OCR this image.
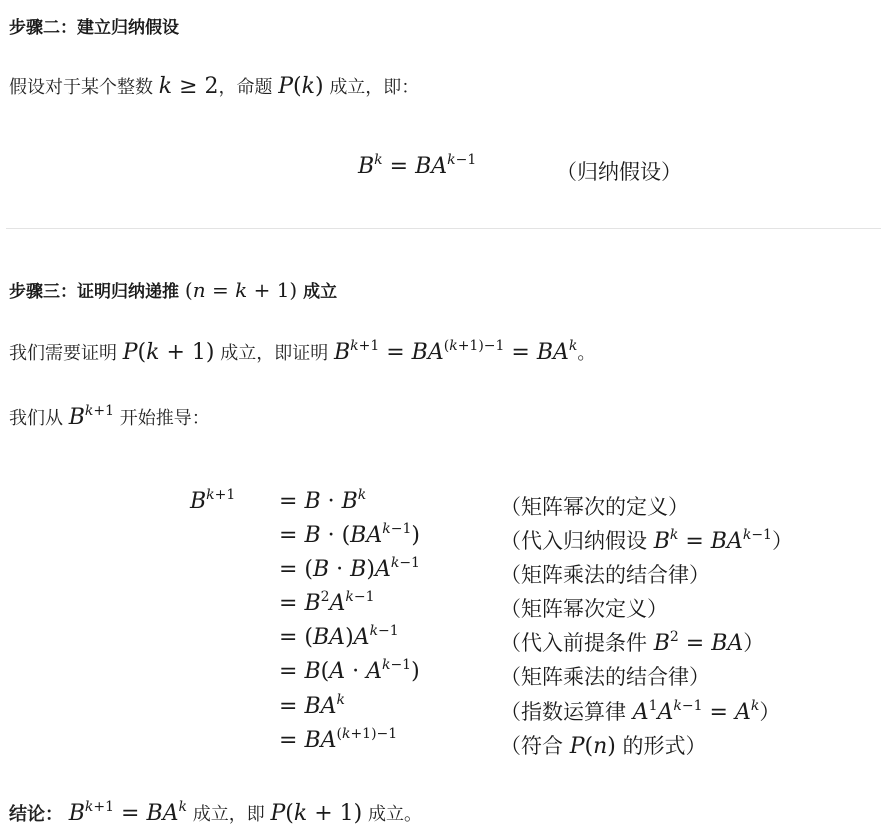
步骤二：建立归纳假设
假设对于某个整数 k ≥ 2，命题 P(k) 成立，即：
$B^k = BA^{k-1}$	（归纳假设）
步骤三：证明归纳递推 (n = k + 1) 成立
我们需要证明 P(k + 1) 成立，即证明 $B^{k+1} = BA^{(k+1)-1} = BA^k$。
我们从 $B^{k+1}$ 开始推导：
$B^{k+1} = B \cdot B^k$	（矩阵幂次的定义）
= $B \cdot (BA^{k-1})$	（代入归纳假设 $B^k = BA^{k-1}$）
= $(B \cdot B)A^{k-1}$	（矩阵乘法的结合律）
= $B^2A^{k-1}$	（矩阵幂次定义）
= $(BA)A^{k-1}$	（代入前提条件 $B^2 = BA$）
= $B(A \cdot A^{k-1})$	（矩阵乘法的结合律）
= $BA^k$	（指数运算律 $A^1A^{k-1} = A^k$）
= $BA^{(k+1)-1}$	（符合 P(n) 的形式）
结论： $B^{k+1} = BA^k$ 成立，即 P(k + 1) 成立。
